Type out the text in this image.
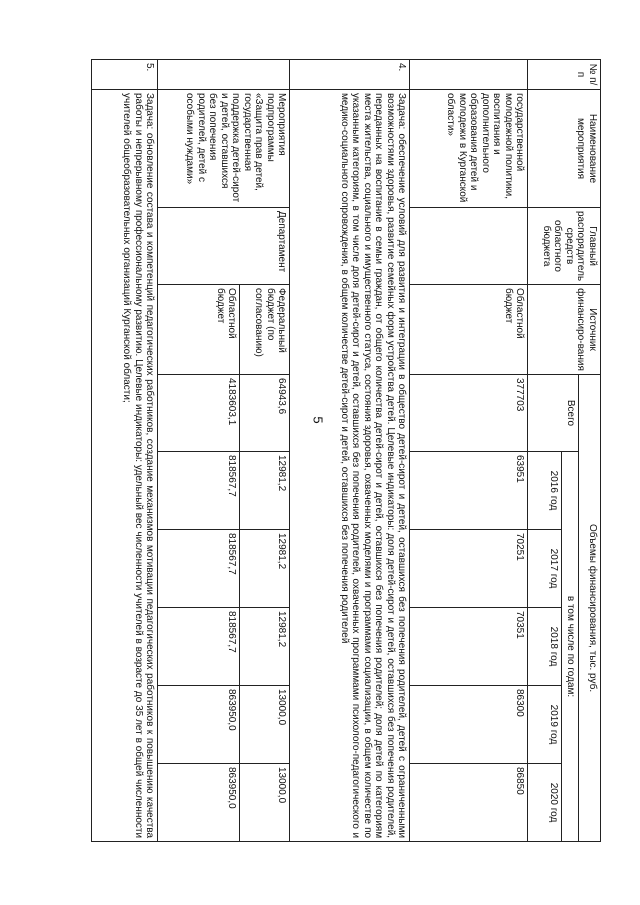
5
№ п/п	Наименование мероприятия	Главный распорядитель средств областного бюджета	Источник финансиро-вания	Объемы финансирования, тыс. руб.					
				Всего	в том числе по годам:				
					2016 год	2017 год	2018 год	2019 год	2020 год
	государственной молодежной политики, воспитания и дополнительного образования детей и молодежи в Курганской области»		Областной бюджет	377703	63951	70251	70351	86300	86850
4.	Задача: обеспечение условий для развития и интеграции в общество детей-сирот и детей, оставшихся без попечения родителей, детей с ограниченными возможностями здоровья, развитие семейных форм устройства детей. Целевые индикаторы: доля детей-сирот и детей, оставшихся без попечения родителей, переданных на воспитание в семьи граждан, от общего количества детей-сирот и детей, оставшихся без попечения родителей; доля детей по категориям места жительства, социального и имущественного статуса, состояния здоровья, охваченных моделями и программами социализации, в общем количестве по указанным категориям, в том числе доля детей-сирот и детей, оставшихся без попечения родителей, охваченных программами психолого-педагогического и медико-социального сопровождения, в общем количестве детей-сирот и детей, оставшихся без попечения родителей								
	Мероприятия подпрограммы «Защита прав детей, государственная поддержка детей-сирот и детей, оставшихся без попечения родителей, детей с особыми нуждами»	Департамент	Федеральный бюджет (по согласованию)	64943,6	12981,2	12981,2	12981,2	13000,0	13000,0
			Областной бюджет	4183603,1	818567,7	818567,7	818567,7	863950,0	863950,0
5.	Задача: обновление состава и компетенций педагогических работников, создание механизмов мотивации педагогических работников к повышению качества работы и непрерывному профессиональному развитию. Целевые индикаторы: удельный вес численности учителей в возрасте до 35 лет в общей численности учителей общеобразовательных организаций Курганской области;								
